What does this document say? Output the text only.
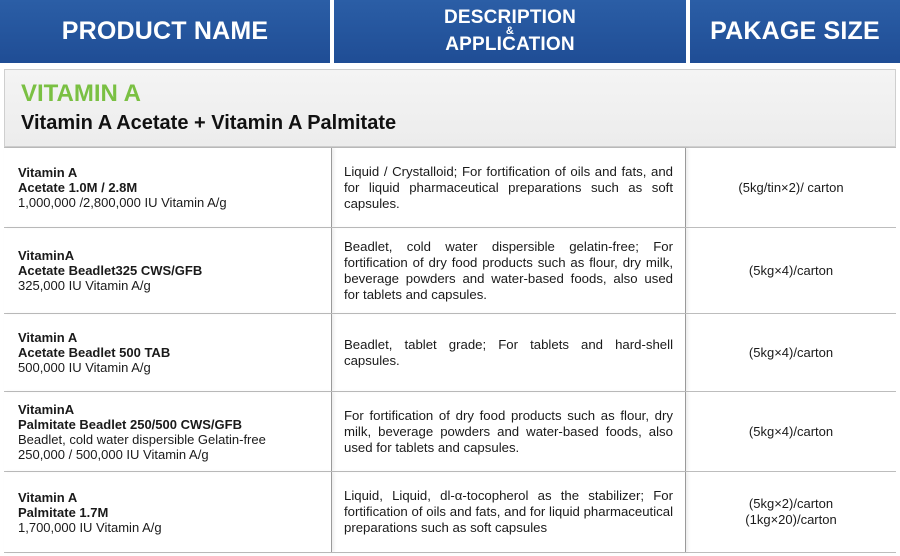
PRODUCT NAME	DESCRIPTION
&
APPLICATION	PAKAGE SIZE
VITAMIN A
Vitamin A Acetate + Vitamin A Palmitate
Vitamin A
Acetate 1.0M / 2.8M
1,000,000 /2,800,000 IU Vitamin A/g
Liquid / Crystalloid; For fortification of oils and fats, and for liquid pharmaceutical preparations such as soft capsules.
(5kg/tin×2)/ carton
VitaminA
Acetate Beadlet325 CWS/GFB
325,000 IU Vitamin A/g
Beadlet, cold water dispersible gelatin-free; For fortification of dry food products such as flour, dry milk, beverage powders and water-based foods, also used for tablets and capsules.
(5kg×4)/carton
Vitamin A
Acetate Beadlet 500 TAB
500,000 IU Vitamin A/g
Beadlet, tablet grade; For tablets and hard-shell capsules.
(5kg×4)/carton
VitaminA
Palmitate Beadlet 250/500 CWS/GFB
Beadlet, cold water dispersible Gelatin-free
250,000 / 500,000 IU Vitamin A/g
For fortification of dry food products such as flour, dry milk, beverage powders and water-based foods, also used for tablets and capsules.
(5kg×4)/carton
Vitamin A
Palmitate 1.7M
1,700,000 IU Vitamin A/g
Liquid, Liquid, dl-α-tocopherol as the stabilizer; For fortification of oils and fats, and for liquid pharmaceutical preparations such as soft capsules
(5kg×2)/carton
(1kg×20)/carton
